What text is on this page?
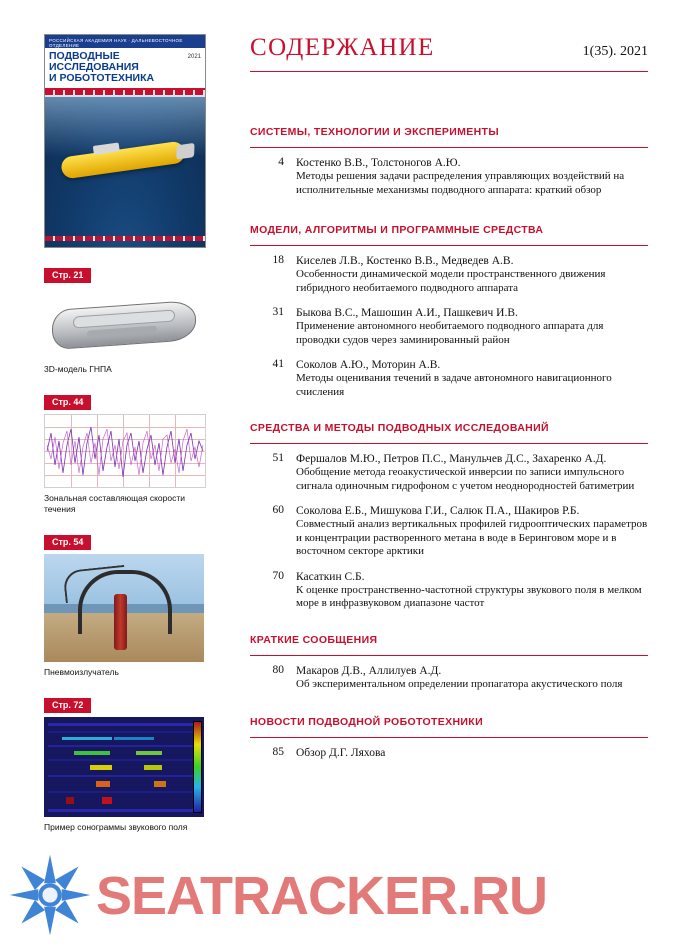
РОССИЙСКАЯ АКАДЕМИЯ НАУК · ДАЛЬНЕВОСТОЧНОЕ ОТДЕЛЕНИЕ
2021
ПОДВОДНЫЕ ИССЛЕДОВАНИЯ
И РОБОТОТЕХНИКА
Стр. 21
3D-модель ГНПА
Стр. 44
Зональная составляющая скорости течения
Стр. 54
Пневмоизлучатель
Стр. 72
Пример сонограммы звукового поля
СОДЕРЖАНИЕ	1(35). 2021
СИСТЕМЫ, ТЕХНОЛОГИИ И ЭКСПЕРИМЕНТЫ
4	Костенко В.В., Толстоногов А.Ю.
Методы решения задачи распределения управляющих воздействий на исполнительные механизмы подводного аппарата: краткий обзор
МОДЕЛИ, АЛГОРИТМЫ И ПРОГРАММНЫЕ СРЕДСТВА
18	Киселев Л.В., Костенко В.В., Медведев А.В.
Особенности динамической модели пространственного движения гибридного необитаемого подводного аппарата
31	Быкова В.С., Машошин А.И., Пашкевич И.В.
Применение автономного необитаемого подводного аппарата для проводки судов через заминированный район
41	Соколов А.Ю., Моторин А.В.
Методы оценивания течений в задаче автономного навигационного счисления
СРЕДСТВА И МЕТОДЫ ПОДВОДНЫХ ИССЛЕДОВАНИЙ
51	Фершалов М.Ю., Петров П.С., Манульчев Д.С., Захаренко А.Д.
Обобщение метода геоакустической инверсии по записи импульсного сигнала одиночным гидрофоном с учетом неоднородностей батиметрии
60	Соколова Е.Б., Мишукова Г.И., Салюк П.А., Шакиров Р.Б.
Совместный анализ вертикальных профилей гидрооптических параметров и концентрации растворенного метана в воде в Беринговом море и в восточном секторе арктики
70	Касаткин С.Б.
К оценке пространственно-частотной структуры звукового поля в мелком море в инфразвуковом диапазоне частот
КРАТКИЕ СООБЩЕНИЯ
80	Макаров Д.В., Аллилуев А.Д.
Об экспериментальном определении пропагатора акустического поля
НОВОСТИ ПОДВОДНОЙ РОБОТОТЕХНИКИ
85	Обзор Д.Г. Ляхова
SEATRACKER.RU
